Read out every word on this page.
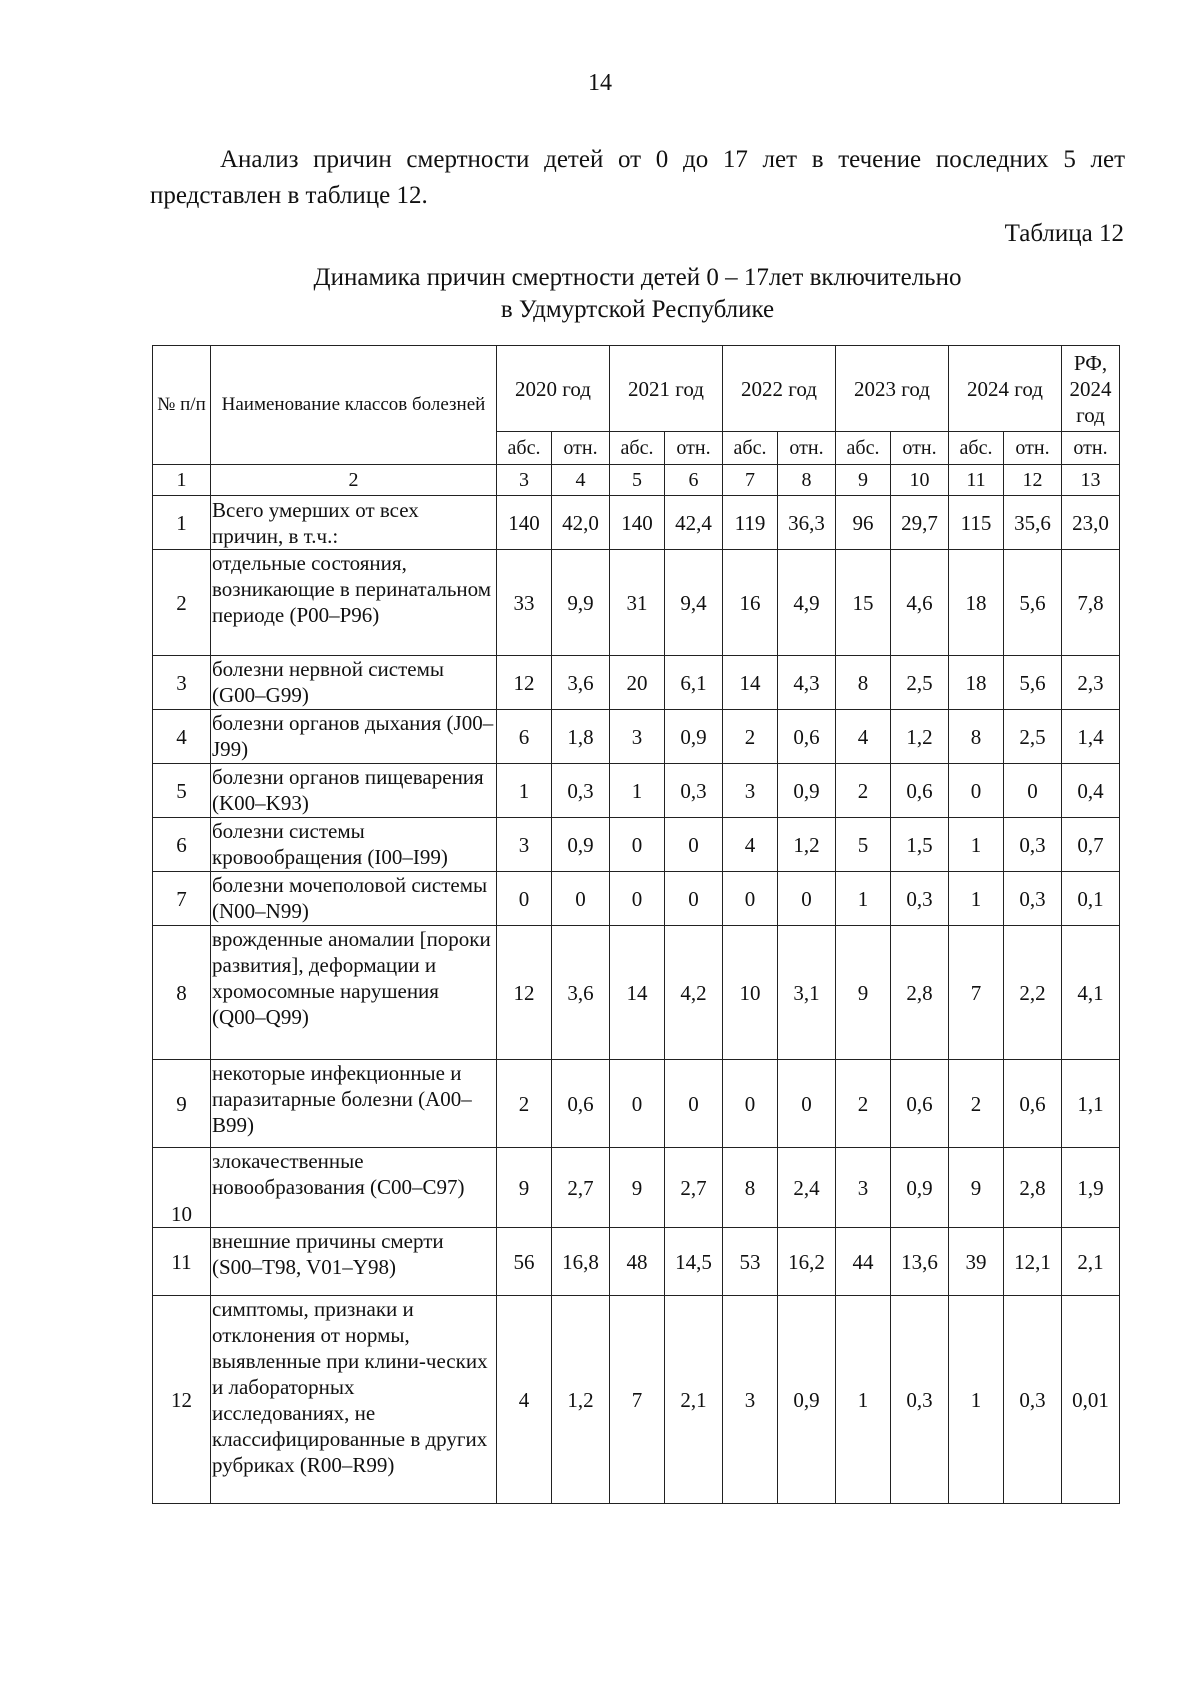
14

Анализ причин смертности детей от 0 до 17 лет в течение последних 5 лет представлен в таблице 12.

Таблица 12
Динамика причин смертности детей 0 – 17лет включительно
в Удмуртской Республике
№ п/п	Наименование классов болезней	2020 год		2021 год		2022 год		2023 год		2024 год		РФ, 2024 год
		абс.	отн.	абс.	отн.	абс.	отн.	абс.	отн.	абс.	отн.	отн.
1	2	3	4	5	6	7	8	9	10	11	12	13
1	Всего умерших от всех причин, в т.ч.:	140	42,0	140	42,4	119	36,3	96	29,7	115	35,6	23,0
2	отдельные состояния, возникающие в перинатальном периоде (P00–P96)	33	9,9	31	9,4	16	4,9	15	4,6	18	5,6	7,8
3	болезни нервной системы (G00–G99)	12	3,6	20	6,1	14	4,3	8	2,5	18	5,6	2,3
4	болезни органов дыхания (J00–J99)	6	1,8	3	0,9	2	0,6	4	1,2	8	2,5	1,4
5	болезни органов пищеварения (K00–K93)	1	0,3	1	0,3	3	0,9	2	0,6	0	0	0,4
6	болезни системы кровообращения (I00–I99)	3	0,9	0	0	4	1,2	5	1,5	1	0,3	0,7
7	болезни мочеполовой системы (N00–N99)	0	0	0	0	0	0	1	0,3	1	0,3	0,1
8	врожденные аномалии [пороки развития], деформации и хромосомные нарушения (Q00–Q99)	12	3,6	14	4,2	10	3,1	9	2,8	7	2,2	4,1
9	некоторые инфекционные и паразитарные болезни (A00–B99)	2	0,6	0	0	0	0	2	0,6	2	0,6	1,1
10	злокачественные новообразования (C00–C97)	9	2,7	9	2,7	8	2,4	3	0,9	9	2,8	1,9
11	внешние причины смерти (S00–T98, V01–Y98)	56	16,8	48	14,5	53	16,2	44	13,6	39	12,1	2,1
12	симптомы, признаки и отклонения от нормы, выявленные при клини-ческих и лабораторных исследованиях, не классифицированные в других рубриках (R00–R99)	4	1,2	7	2,1	3	0,9	1	0,3	1	0,3	0,01
